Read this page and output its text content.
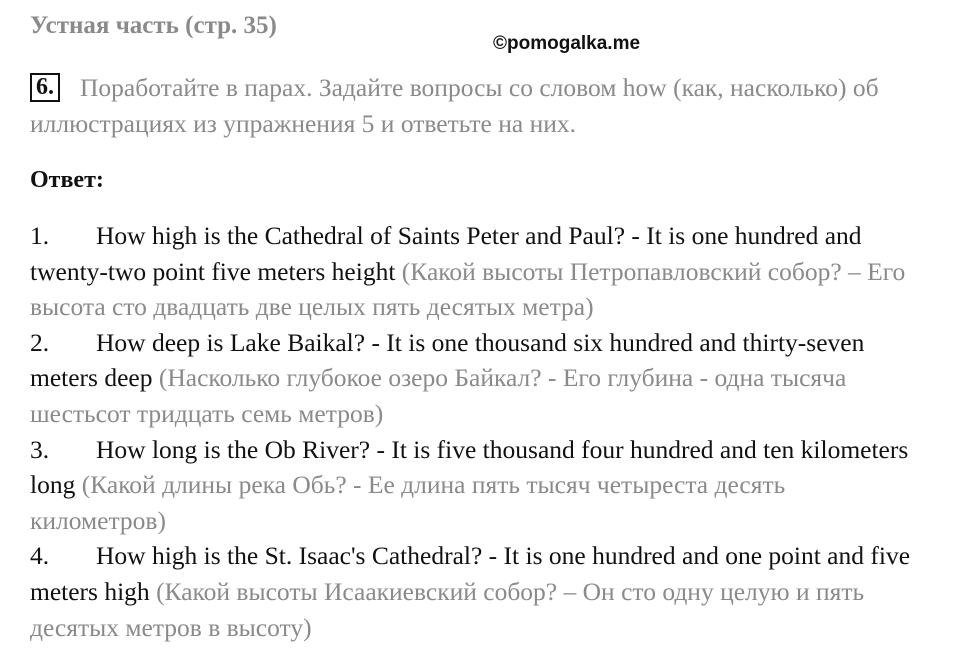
Устная часть (стр. 35)
©pomogalka.me
6. Поработайте в парах. Задайте вопросы со словом how (как, насколько) об иллюстрациях из упражнения 5 и ответьте на них.
Ответ:

1. How high is the Cathedral of Saints Peter and Paul? - It is one hundred and twenty-two point five meters height (Какой высоты Петропавловский собор? – Его высота сто двадцать две целых пять десятых метра)

2. How deep is Lake Baikal? - It is one thousand six hundred and thirty-seven meters deep (Насколько глубокое озеро Байкал? - Его глубина - одна тысяча шестьсот тридцать семь метров)

3. How long is the Ob River? - It is five thousand four hundred and ten kilometers long (Какой длины река Обь? - Ее длина пять тысяч четыреста десять километров)

4. How high is the St. Isaac's Cathedral? - It is one hundred and one point and five meters high (Какой высоты Исаакиевский собор? – Он сто одну целую и пять десятых метров в высоту)
